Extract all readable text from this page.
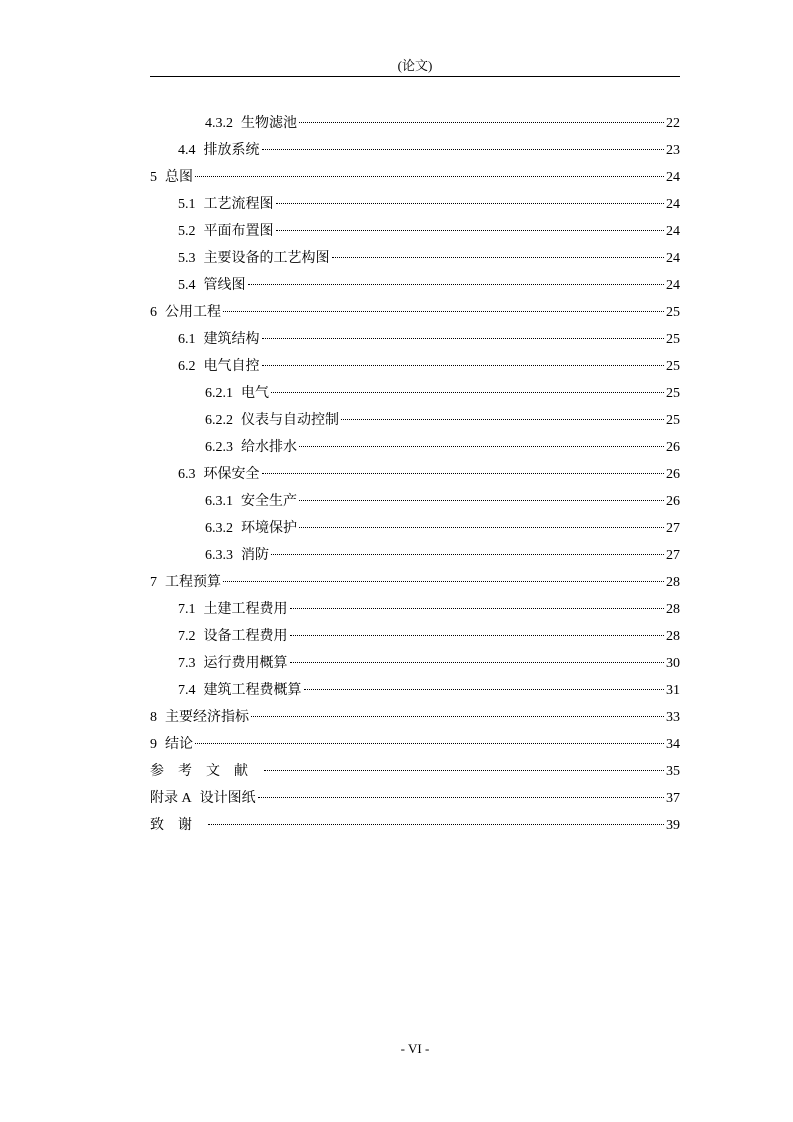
(论文)
4.3.2 生物滤池	22
4.4 排放系统	23
5 总图	24
5.1 工艺流程图	24
5.2 平面布置图	24
5.3 主要设备的工艺构图	24
5.4 管线图	24
6 公用工程	25
6.1 建筑结构	25
6.2 电气自控	25
6.2.1 电气	25
6.2.2 仪表与自动控制	25
6.2.3 给水排水	26
6.3 环保安全	26
6.3.1 安全生产	26
6.3.2 环境保护	27
6.3.3 消防	27
7 工程预算	28
7.1 土建工程费用	28
7.2 设备工程费用	28
7.3 运行费用概算	30
7.4 建筑工程费概算	31
8 主要经济指标	33
9 结论	34
参考文献	35
附录 A 设计图纸	37
致谢	39
- VI -
